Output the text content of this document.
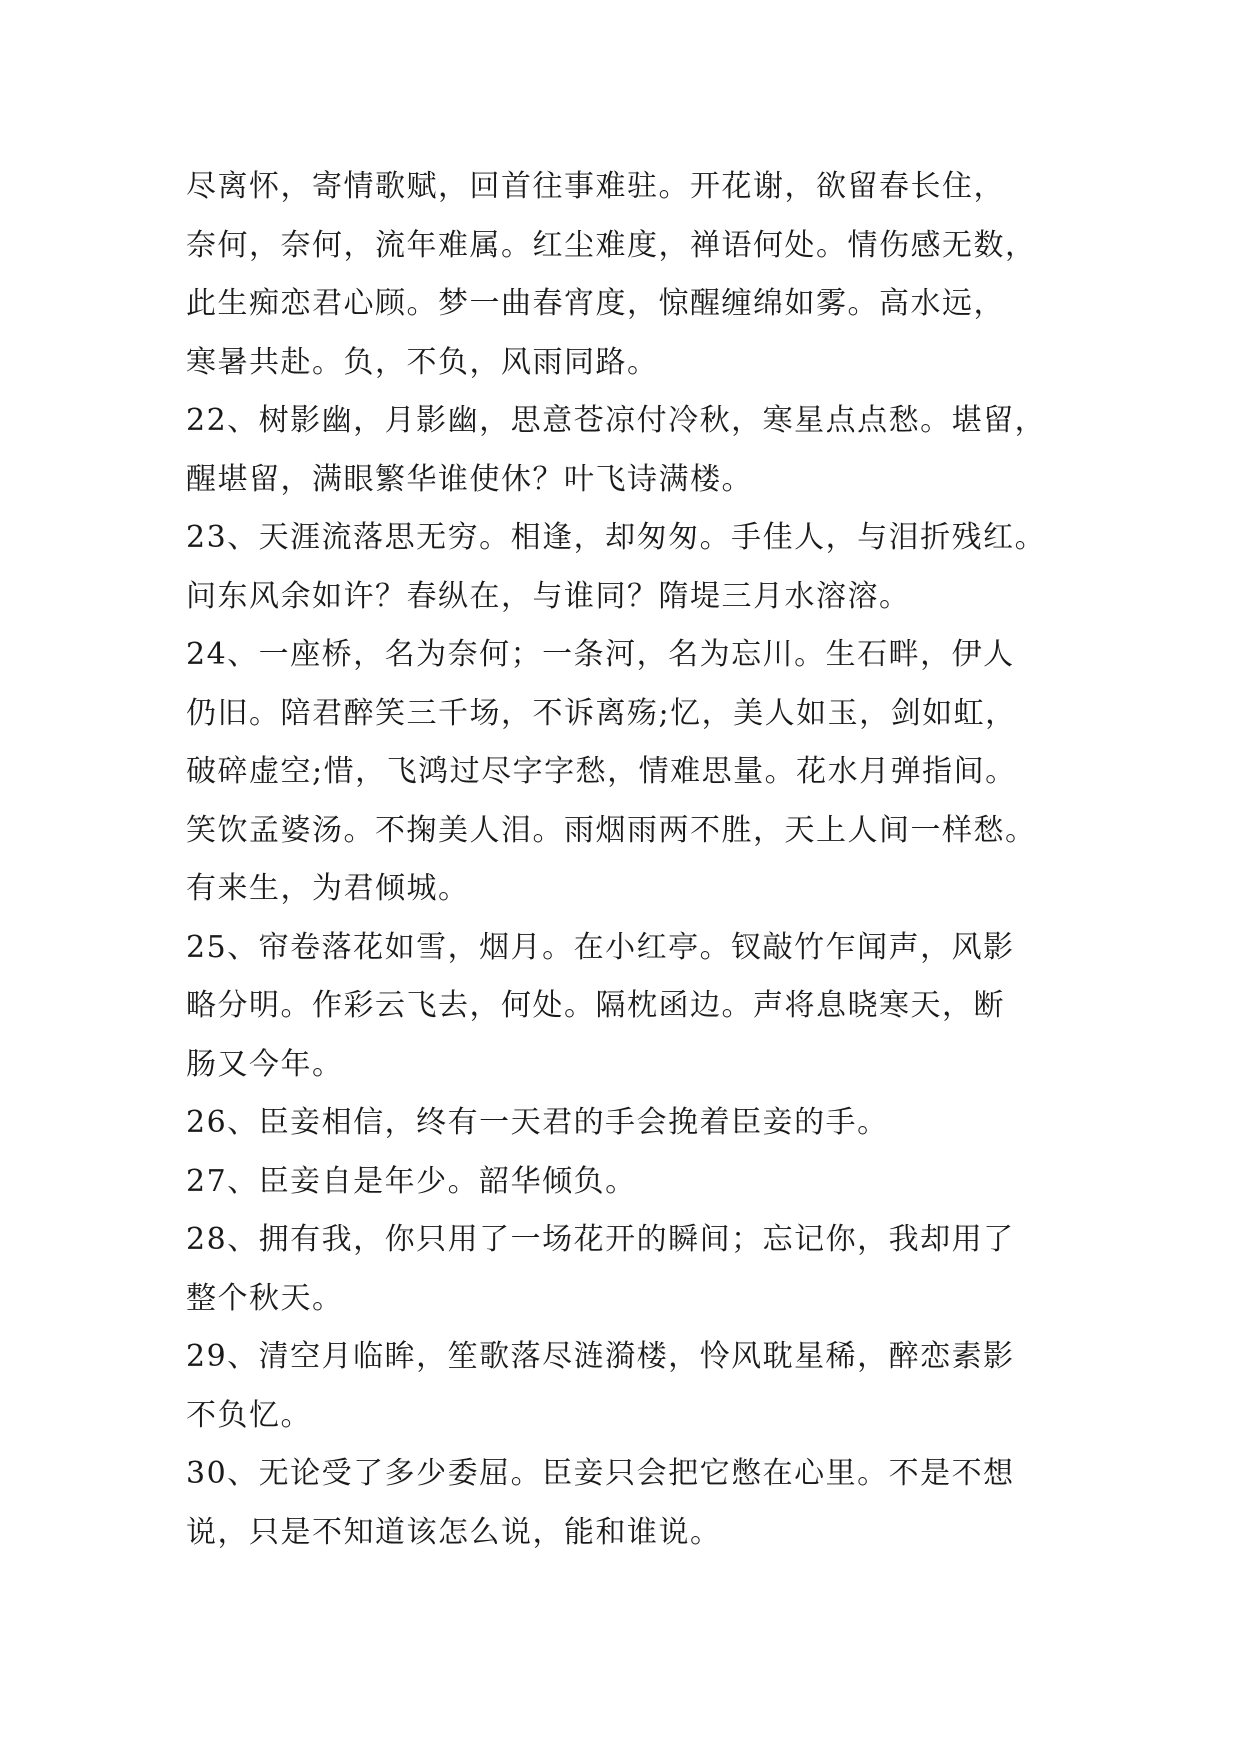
尽离怀，寄情歌赋，回首往事难驻。开花谢，欲留春长住，
奈何，奈何，流年难属。红尘难度，禅语何处。情伤感无数，
此生痴恋君心顾。梦一曲春宵度，惊醒缠绵如雾。高水远，
寒暑共赴。负，不负，风雨同路。
22、树影幽，月影幽，思意苍凉付冷秋，寒星点点愁。堪留，
醒堪留，满眼繁华谁使休？叶飞诗满楼。
23、天涯流落思无穷。相逢，却匆匆。手佳人，与泪折残红。
问东风余如许？春纵在，与谁同？隋堤三月水溶溶。
24、一座桥，名为奈何；一条河，名为忘川。生石畔，伊人
仍旧。陪君醉笑三千场，不诉离殇;忆，美人如玉，剑如虹，
破碎虚空;惜，飞鸿过尽字字愁，情难思量。花水月弹指间。
笑饮孟婆汤。不掬美人泪。雨烟雨两不胜，天上人间一样愁。
有来生，为君倾城。
25、帘卷落花如雪，烟月。在小红亭。钗敲竹乍闻声，风影
略分明。作彩云飞去，何处。隔枕函边。声将息晓寒天，断
肠又今年。
26、臣妾相信，终有一天君的手会挽着臣妾的手。
27、臣妾自是年少。韶华倾负。
28、拥有我，你只用了一场花开的瞬间；忘记你，我却用了
整个秋天。
29、清空月临眸，笙歌落尽涟漪楼，怜风耽星稀，醉恋素影
不负忆。
30、无论受了多少委屈。臣妾只会把它憋在心里。不是不想
说，只是不知道该怎么说，能和谁说。
